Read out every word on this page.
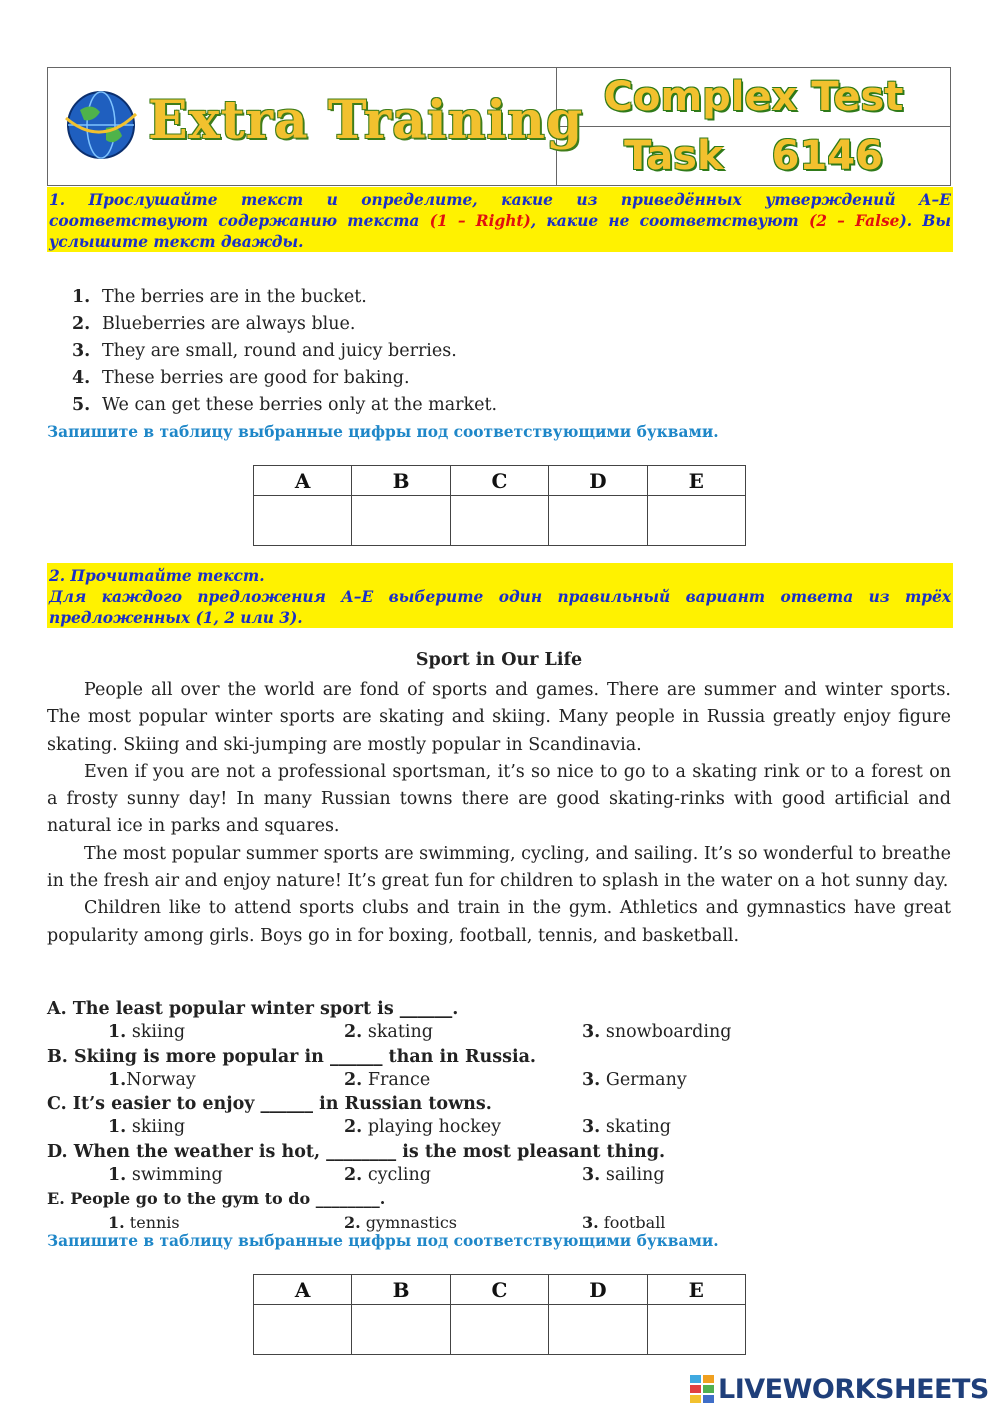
Extra Training Complex Test
Task 6146
1. Прослушайте текст и определите, какие из приведённых утверждений А–Е соответствуют содержанию текста (1 – Right), какие не соответствуют (2 – False). Вы услышите текст дважды.
1. The berries are in the bucket.
2. Blueberries are always blue.
3. They are small, round and juicy berries.
4. These berries are good for baking.
5. We can get these berries only at the market.
Запишите в таблицу выбранные цифры под соответствующими буквами.
A	B	C	D	E

2. Прочитайте текст.
Для каждого предложения А–Е выберите один правильный вариант ответа из трёх предложенных (1, 2 или 3).
Sport in Our Life

People all over the world are fond of sports and games. There are summer and winter sports. The most popular winter sports are skating and skiing. Many people in Russia greatly enjoy figure skating. Skiing and ski-jumping are mostly popular in Scandinavia.

Even if you are not a professional sportsman, it’s so nice to go to a skating rink or to a forest on a frosty sunny day! In many Russian towns there are good skating-rinks with good artificial and natural ice in parks and squares.

The most popular summer sports are swimming, cycling, and sailing. It’s so wonderful to breathe in the fresh air and enjoy nature! It’s great fun for children to splash in the water on a hot sunny day.

Children like to attend sports clubs and train in the gym. Athletics and gymnastics have great popularity among girls. Boys go in for boxing, football, tennis, and basketball.

A. The least popular winter sport is ______.
1. skiing	2. skating	3. snowboarding
B. Skiing is more popular in ______ than in Russia.
1.Norway	2. France	3. Germany
C. It’s easier to enjoy ______ in Russian towns.
1. skiing	2. playing hockey	3. skating
D. When the weather is hot, ________ is the most pleasant thing.
1. swimming	2. cycling	3. sailing
E. People go to the gym to do ________.
1. tennis	2. gymnastics	3. football
Запишите в таблицу выбранные цифры под соответствующими буквами.
A	B	C	D	E

LIVEWORKSHEETS
